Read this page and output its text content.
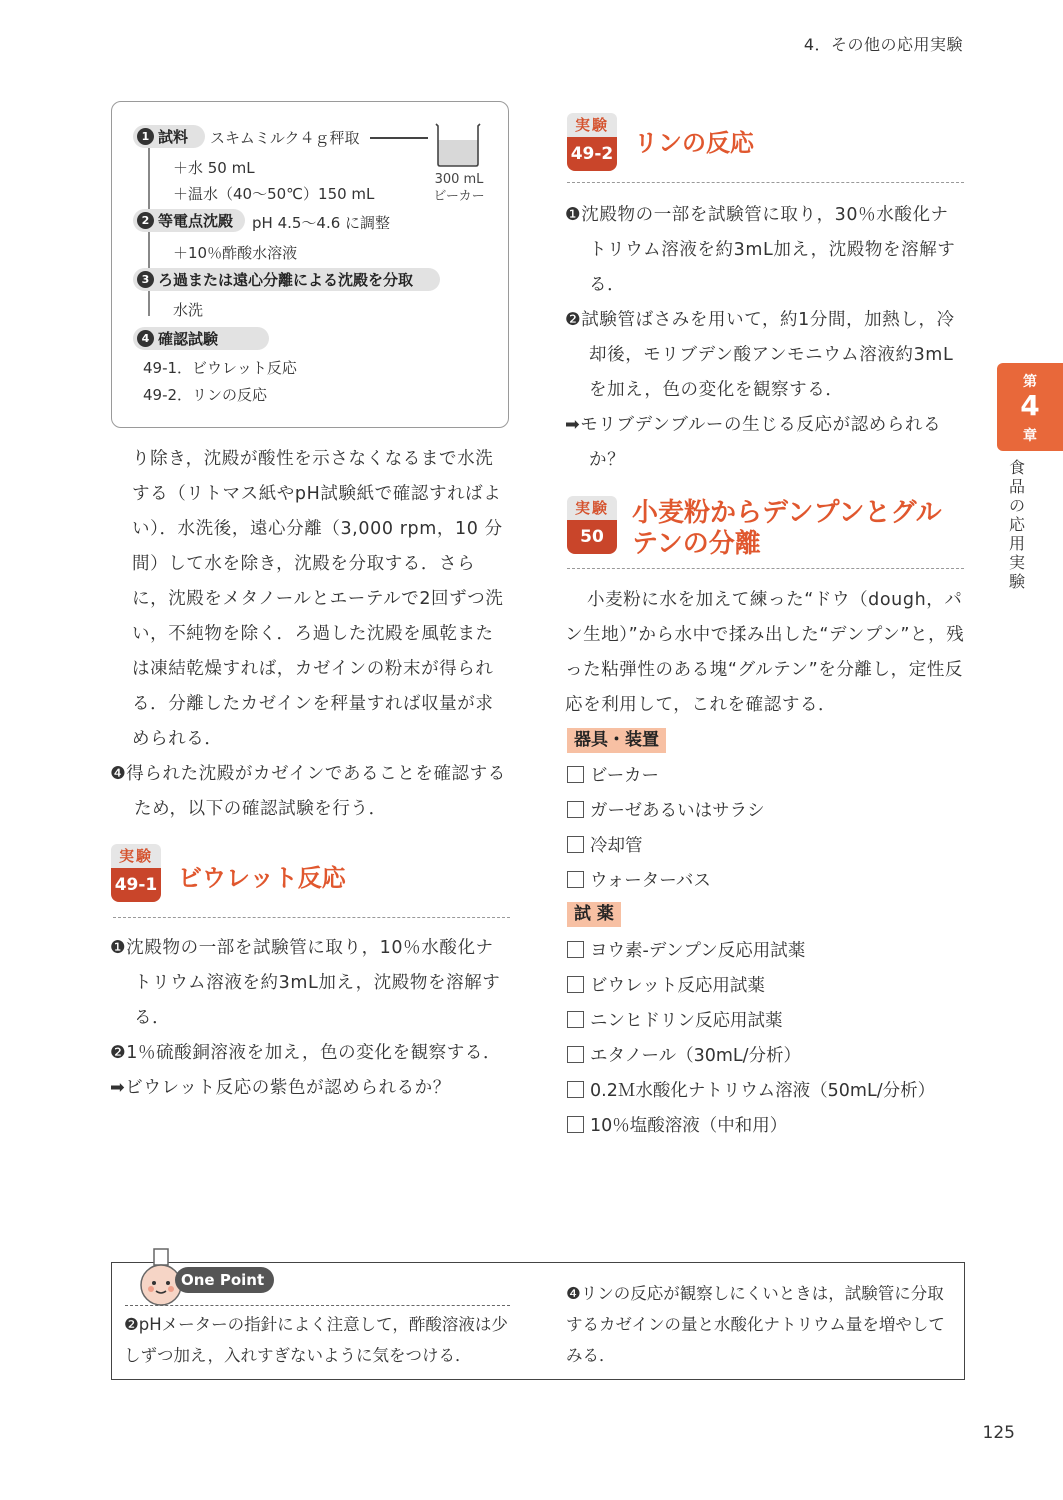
4．その他の応用実験
第
4
章
食品の応用実験
1 試料 スキムミルク４ｇ秤取
300 mL
ビーカー
＋水 50 mL
＋温水（40〜50℃）150 mL
2 等電点沈殿 pH 4.5〜4.6 に調整
＋10％酢酸水溶液
3 ろ過または遠心分離による沈殿を分取
水洗
4 確認試験
49-1．ビウレット反応
49-2．リンの反応
り除き，沈殿が酸性を示さなくなるまで水洗する（リトマス紙やpH試験紙で確認すればよい）．水洗後，遠心分離（3,000 rpm，10 分間）して水を除き，沈殿を分取する．さらに，沈殿をメタノールとエーテルで2回ずつ洗い，不純物を除く．ろ過した沈殿を風乾または凍結乾燥すれば，カゼインの粉末が得られる．分離したカゼインを秤量すれば収量が求められる．
❹得られた沈殿がカゼインであることを確認するため，以下の確認試験を行う．
実験
49-1 ビウレット反応

❶沈殿物の一部を試験管に取り，10％水酸化ナトリウム溶液を約3mL加え，沈殿物を溶解する．

❷1％硫酸銅溶液を加え，色の変化を観察する．

➡ビウレット反応の紫色が認められるか？

実験
49-2 リンの反応

❶沈殿物の一部を試験管に取り，30％水酸化ナトリウム溶液を約3mL加え，沈殿物を溶解する．

❷試験管ばさみを用いて，約1分間，加熱し，冷却後，モリブデン酸アンモニウム溶液約3mLを加え，色の変化を観察する．

➡モリブデンブルーの生じる反応が認められるか？

実験
50
小麦粉からデンプンとグル
テンの分離
小麦粉に水を加えて練った“ドウ（dough，パン生地）”から水中で揉み出した“デンプン”と，残った粘弾性のある塊“グルテン”を分離し，定性反応を利用して，これを確認する．
器具・装置
ビーカー
ガーゼあるいはサラシ
冷却管
ウォーターバス
試 薬
ヨウ素-デンプン反応用試薬
ビウレット反応用試薬
ニンヒドリン反応用試薬
エタノール（30mL/分析）
0.2Ｍ水酸化ナトリウム溶液（50mL/分析）
10％塩酸溶液（中和用）
One Point
❷pHメーターの指針によく注意して，酢酸溶液は少しずつ加え，入れすぎないように気をつける．
❹リンの反応が観察しにくいときは，試験管に分取するカゼインの量と水酸化ナトリウム量を増やしてみる．
125
